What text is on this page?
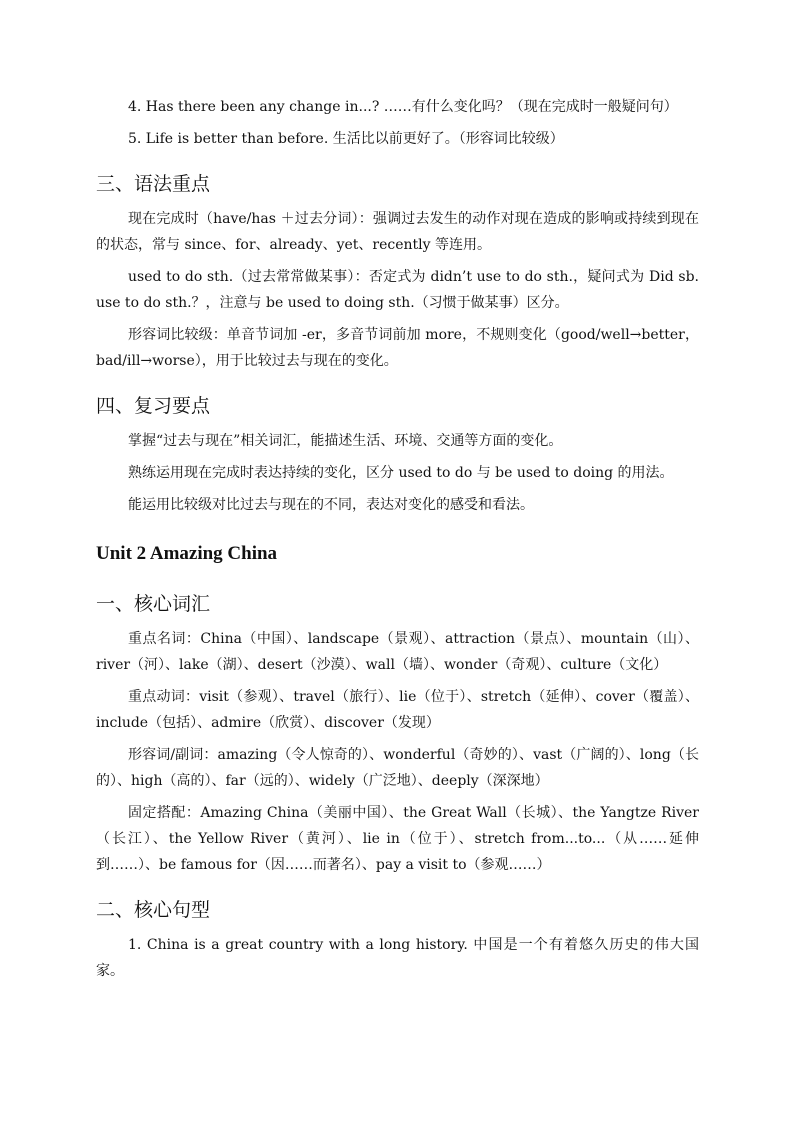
4. Has there been any change in...? ……有什么变化吗？（现在完成时一般疑问句）

5. Life is better than before. 生活比以前更好了。（形容词比较级）

三、语法重点

现在完成时（have/has ＋过去分词）：强调过去发生的动作对现在造成的影响或持续到现在的状态，常与 since、for、already、yet、recently 等连用。

used to do sth.（过去常常做某事）：否定式为 didn’t use to do sth.，疑问式为 Did sb. use to do sth.？，注意与 be used to doing sth.（习惯于做某事）区分。

形容词比较级：单音节词加 -er，多音节词前加 more，不规则变化（good/well→better，bad/ill→worse），用于比较过去与现在的变化。

四、复习要点

掌握“过去与现在”相关词汇，能描述生活、环境、交通等方面的变化。

熟练运用现在完成时表达持续的变化，区分 used to do 与 be used to doing 的用法。

能运用比较级对比过去与现在的不同，表达对变化的感受和看法。

Unit 2 Amazing China
一、核心词汇

重点名词：China（中国）、landscape（景观）、attraction（景点）、mountain（山）、river（河）、lake（湖）、desert（沙漠）、wall（墙）、wonder（奇观）、culture（文化）

重点动词：visit（参观）、travel（旅行）、lie（位于）、stretch（延伸）、cover（覆盖）、include（包括）、admire（欣赏）、discover（发现）

形容词/副词：amazing（令人惊奇的）、wonderful（奇妙的）、vast（广阔的）、long（长的）、high（高的）、far（远的）、widely（广泛地）、deeply（深深地）

固定搭配：Amazing China（美丽中国）、the Great Wall（长城）、the Yangtze River（长江）、the Yellow River（黄河）、lie in（位于）、stretch from...to...（从……延伸到……）、be famous for（因……而著名）、pay a visit to（参观……）

二、核心句型

1. China is a great country with a long history. 中国是一个有着悠久历史的伟大国家。
